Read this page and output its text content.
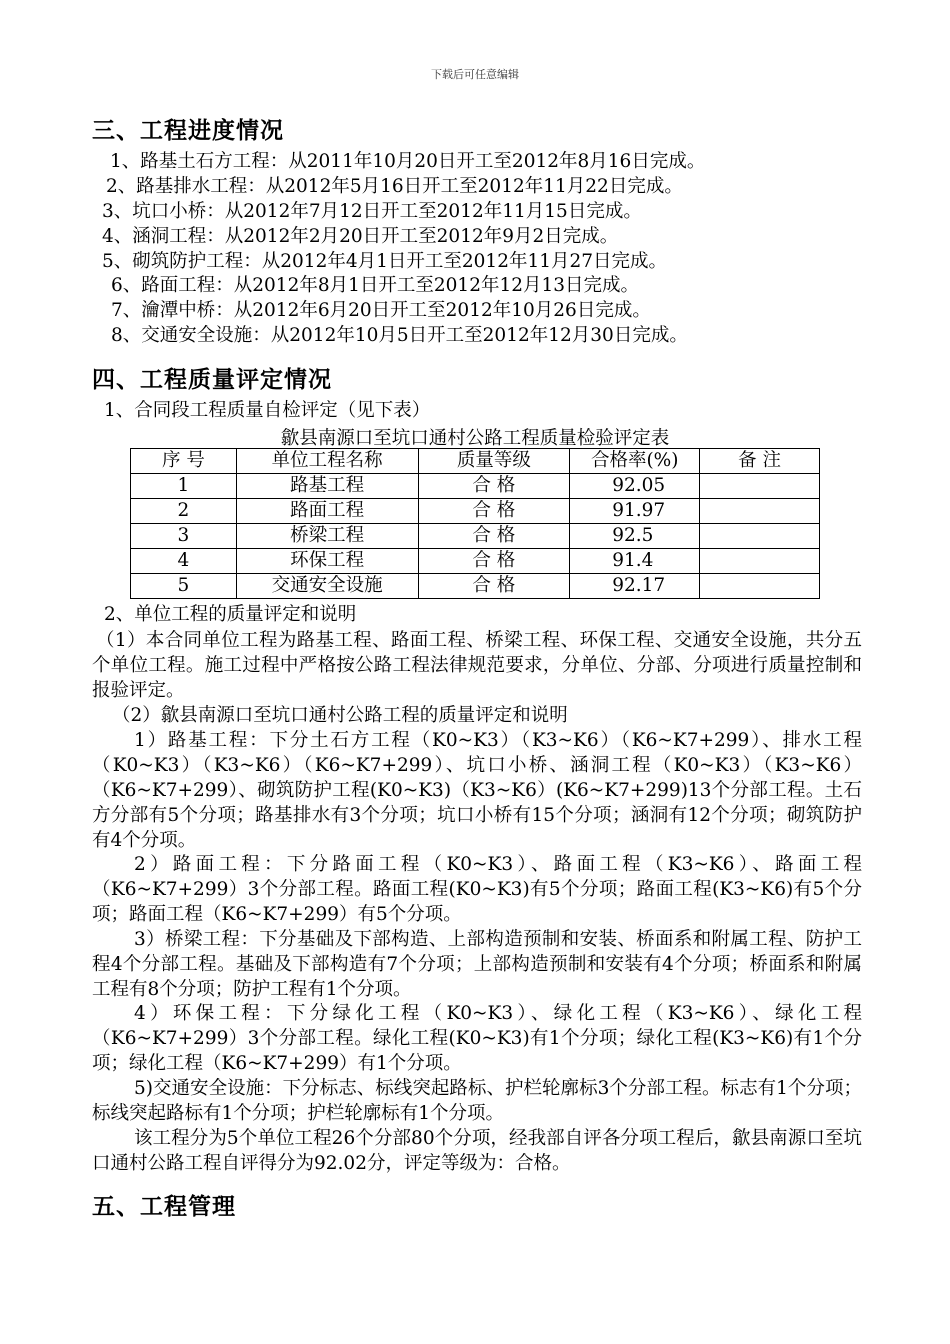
下载后可任意编辑
三、工程进度情况
1、路基土石方工程：从2011年10月20日开工至2012年8月16日完成。
2、路基排水工程：从2012年5月16日开工至2012年11月22日完成。
3、坑口小桥：从2012年7月12日开工至2012年11月15日完成。
4、涵洞工程：从2012年2月20日开工至2012年9月2日完成。
5、砌筑防护工程：从2012年4月1日开工至2012年11月27日完成。
6、路面工程：从2012年8月1日开工至2012年12月13日完成。
7、瀹潭中桥：从2012年6月20日开工至2012年10月26日完成。
8、交通安全设施：从2012年10月5日开工至2012年12月30日完成。
四、工程质量评定情况
1、合同段工程质量自检评定（见下表）
歙县南源口至坑口通村公路工程质量检验评定表
序 号	单位工程名称	质量等级	合格率(%)	备 注
1	路基工程	合 格	92.05	
2	路面工程	合 格	91.97	
3	桥梁工程	合 格	92.5	
4	环保工程	合 格	91.4	
5	交通安全设施	合 格	92.17	
2、单位工程的质量评定和说明
（1）本合同单位工程为路基工程、路面工程、桥梁工程、环保工程、交通安全设施，共分五个单位工程。施工过程中严格按公路工程法律规范要求，分单位、分部、分项进行质量控制和报验评定。
（2）歙县南源口至坑口通村公路工程的质量评定和说明
1）路基工程：下分土石方工程（K0~K3）（K3~K6）（K6~K7+299）、排水工程（K0~K3）（K3~K6）（K6~K7+299）、坑口小桥、涵洞工程（K0~K3）（K3~K6）（K6~K7+299）、砌筑防护工程(K0~K3)（K3~K6）(K6~K7+299)13个分部工程。土石方分部有5个分项；路基排水有3个分项；坑口小桥有15个分项；涵洞有12个分项；砌筑防护有4个分项。
2）路面工程：下分路面工程（K0~K3）、路面工程（K3~K6）、路面工程（K6~K7+299）3个分部工程。路面工程(K0~K3)有5个分项；路面工程(K3~K6)有5个分项；路面工程（K6~K7+299）有5个分项。
3）桥梁工程：下分基础及下部构造、上部构造预制和安装、桥面系和附属工程、防护工程4个分部工程。基础及下部构造有7个分项；上部构造预制和安装有4个分项；桥面系和附属工程有8个分项；防护工程有1个分项。
4）环保工程：下分绿化工程（K0~K3）、绿化工程（K3~K6）、绿化工程（K6~K7+299）3个分部工程。绿化工程(K0~K3)有1个分项；绿化工程(K3~K6)有1个分项；绿化工程（K6~K7+299）有1个分项。
5)交通安全设施：下分标志、标线突起路标、护栏轮廓标3个分部工程。标志有1个分项；标线突起路标有1个分项；护栏轮廓标有1个分项。
该工程分为5个单位工程26个分部80个分项，经我部自评各分项工程后，歙县南源口至坑口通村公路工程自评得分为92.02分，评定等级为：合格。
五、工程管理
